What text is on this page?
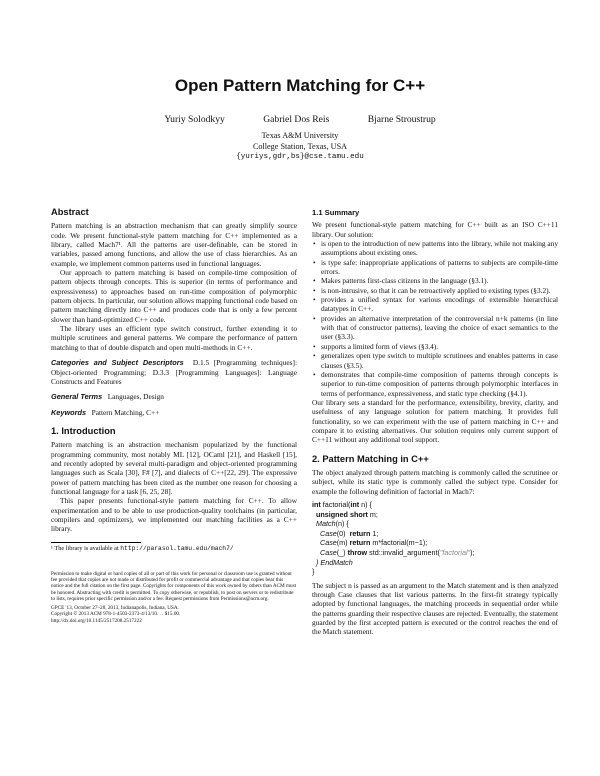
Open Pattern Matching for C++
Yuriy Solodkyy	Gabriel Dos Reis	Bjarne Stroustrup
Texas A&M University
College Station, Texas, USA
{yuriys,gdr,bs}@cse.tamu.edu
Abstract

Pattern matching is an abstraction mechanism that can greatly simplify source code. We present functional-style pattern matching for C++ implemented as a library, called Mach7¹. All the patterns are user-definable, can be stored in variables, passed among functions, and allow the use of class hierarchies. As an example, we implement common patterns used in functional languages.

Our approach to pattern matching is based on compile-time composition of pattern objects through concepts. This is superior (in terms of performance and expressiveness) to approaches based on run-time composition of polymorphic pattern objects. In particular, our solution allows mapping functional code based on pattern matching directly into C++ and produces code that is only a few percent slower than hand-optimized C++ code.

The library uses an efficient type switch construct, further extending it to multiple scrutinees and general patterns. We compare the performance of pattern matching to that of double dispatch and open multi-methods in C++.

Categories and Subject Descriptors D.1.5 [Programming techniques]: Object-oriented Programming; D.3.3 [Programming Languages]: Language Constructs and Features

General Terms Languages, Design

Keywords Pattern Matching, C++

1. Introduction

Pattern matching is an abstraction mechanism popularized by the functional programming community, most notably ML [12], OCaml [21], and Haskell [15], and recently adopted by several multi-paradigm and object-oriented programming languages such as Scala [30], F# [7], and dialects of C++[22, 29]. The expressive power of pattern matching has been cited as the number one reason for choosing a functional language for a task [6, 25, 28].

This paper presents functional-style pattern matching for C++. To allow experimentation and to be able to use production-quality toolchains (in particular, compilers and optimizers), we implemented our matching facilities as a C++ library.

¹ The library is available at http://parasol.tamu.edu/mach7/

Permission to make digital or hard copies of all or part of this work for personal or classroom use is granted without fee provided that copies are not made or distributed for profit or commercial advantage and that copies bear this notice and the full citation on the first page. Copyrights for components of this work owned by others than ACM must be honored. Abstracting with credit is permitted. To copy otherwise, or republish, to post on servers or to redistribute to lists, requires prior specific permission and/or a fee. Request permissions from Permissions@acm.org.

GPCE '13, October 27–28, 2013, Indianapolis, Indiana, USA.

Copyright © 2013 ACM 978-1-4503-2373-4/13/10. . . $15.00.

http://dx.doi.org/10.1145/2517208.2517222

1.1 Summary

We present functional-style pattern matching for C++ built as an ISO C++11 library. Our solution:

• is open to the introduction of new patterns into the library, while not making any assumptions about existing ones.
• is type safe: inappropriate applications of patterns to subjects are compile-time errors.
• Makes patterns first-class citizens in the language (§3.1).
• is non-intrusive, so that it can be retroactively applied to existing types (§3.2).
• provides a unified syntax for various encodings of extensible hierarchical datatypes in C++.
• provides an alternative interpretation of the controversial n+k patterns (in line with that of constructor patterns), leaving the choice of exact semantics to the user (§3.3).
• supports a limited form of views (§3.4).
• generalizes open type switch to multiple scrutinees and enables patterns in case clauses (§3.5).
• demonstrates that compile-time composition of patterns through concepts is superior to run-time composition of patterns through polymorphic interfaces in terms of performance, expressiveness, and static type checking (§4.1).

Our library sets a standard for the performance, extensibility, brevity, clarity, and usefulness of any language solution for pattern matching. It provides full functionality, so we can experiment with the use of pattern matching in C++ and compare it to existing alternatives. Our solution requires only current support of C++11 without any additional tool support.

2. Pattern Matching in C++

The object analyzed through pattern matching is commonly called the scrutinee or subject, while its static type is commonly called the subject type. Consider for example the following definition of factorial in Mach7:

int factorial(int n) {
unsigned short m;
Match(n) {
Case(0)  return 1;
Case(m) return m*factorial(m−1);
Case(_) throw std::invalid_argument("factorial");
} EndMatch
}

The subject n is passed as an argument to the Match statement and is then analyzed through Case clauses that list various patterns. In the first-fit strategy typically adopted by functional languages, the matching proceeds in sequential order while the patterns guarding their respective clauses are rejected. Eventually, the statement guarded by the first accepted pattern is executed or the control reaches the end of the Match statement.
